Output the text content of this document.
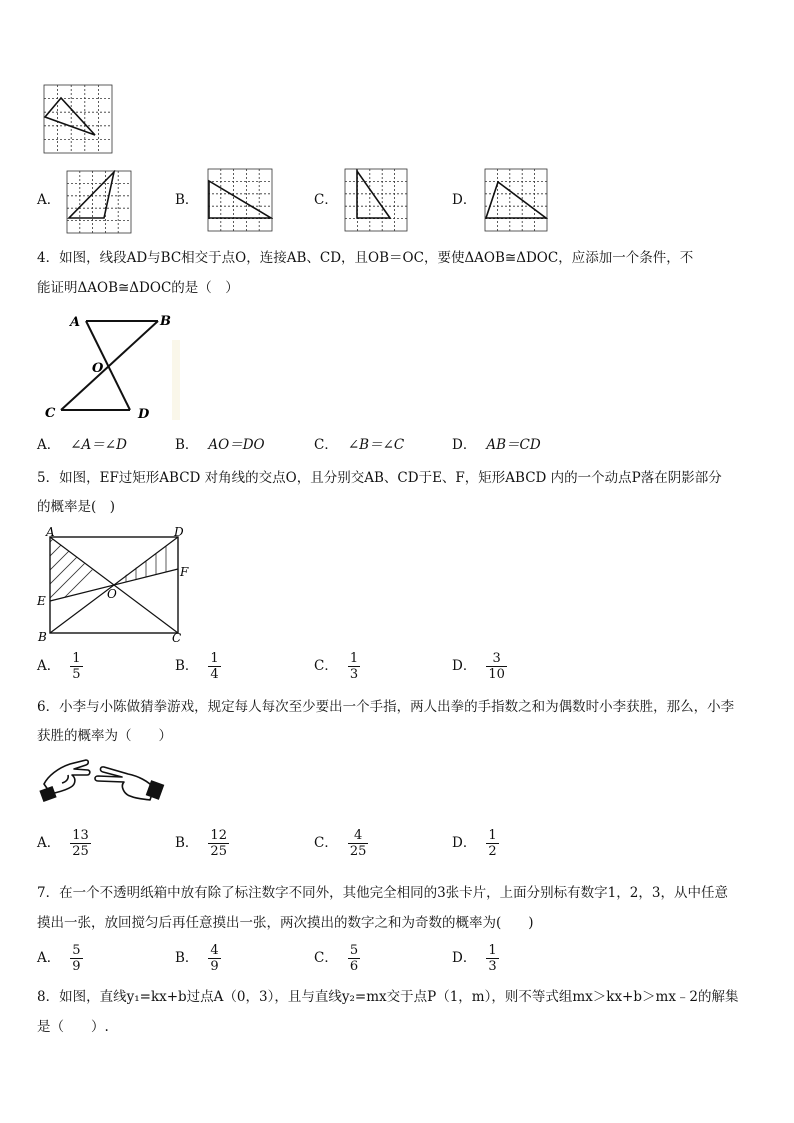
A．	B．	C．	D．
4．如图，线段AD与BC相交于点O，连接AB、CD，且OB＝OC，要使ΔAOB≅ΔDOC，应添加一个条件，不
能证明ΔAOB≅ΔDOC的是（　）
A	B
O
C	D
A． ∠A＝∠D	B． AO＝DO	C． ∠B＝∠C	D． AB＝CD
5．如图，EF过矩形ABCD 对角线的交点O，且分别交AB、CD于E、F，矩形ABCD 内的一个动点P落在阴影部分
的概率是(　)
A	D
F
E	O
B	C
A． $\frac{1}{5}$	B． $\frac{1}{4}$	C． $\frac{1}{3}$	D． $\frac{3}{10}$
6．小李与小陈做猜拳游戏，规定每人每次至少要出一个手指，两人出拳的手指数之和为偶数时小李获胜，那么，小李
获胜的概率为（　　）
A． $\frac{13}{25}$	B． $\frac{12}{25}$	C． $\frac{4}{25}$	D． $\frac{1}{2}$
7．在一个不透明纸箱中放有除了标注数字不同外，其他完全相同的3张卡片，上面分别标有数字1，2，3，从中任意
摸出一张，放回搅匀后再任意摸出一张，两次摸出的数字之和为奇数的概率为(　　)
A． $\frac{5}{9}$	B． $\frac{4}{9}$	C． $\frac{5}{6}$	D． $\frac{1}{3}$
8．如图，直线y₁=kx+b过点A（0，3），且与直线y₂=mx交于点P（1，m），则不等式组mx＞kx+b＞mx﹣2的解集
是（　　）.
